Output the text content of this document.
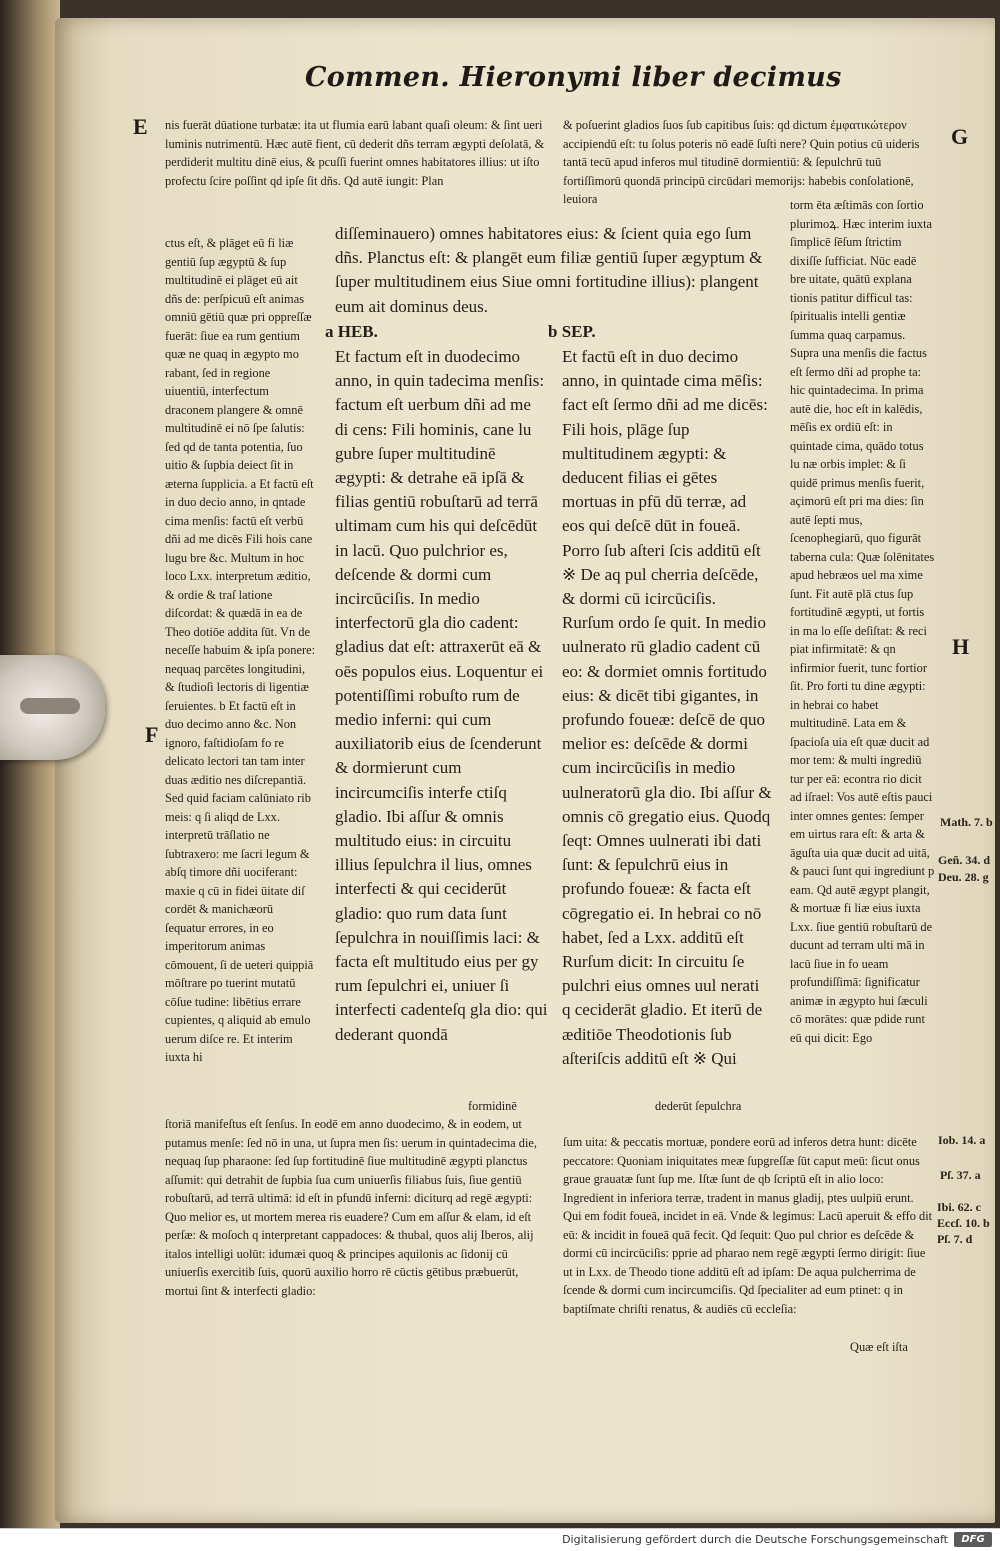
Commen. Hieronymi liber decimus
E	G
F
H

nis fuerāt dūatione turbatæ: ita ut flumia earū labant quaſi oleum: & ſint ueri luminis nutrimentū. Hæc autē fient, cū dederit dñs terram ægypti deſolatā, & perdiderit multitu dinē eius, & pcuſſi fuerint omnes habitatores illius: ut iſto profectu ſcire poſſint qd ipſe ſit dñs. Qd autē iungit: Plan

& poſuerint gladios ſuos ſub capitibus ſuis: qd dictum ἐμφατικώτερον accipiendū eſt: tu ſolus poteris nō eadē ſuſti nere? Quin potius cū uideris tantā tecū apud inferos mul titudinē dormientiū: & ſepulchrū tuū fortiſſimorū quondā principū circūdari memorijs: habebis conſolationē, leuiora

ctus eſt, & plāget eū fi liæ gentiū ſup ægyptū & ſup multitudinē ei plāget eū ait dñs de: perſpicuū eſt animas omniū gētiū quæ pri oppreſſæ fuerāt: ſiue ea rum gentium quæ ne quaq in ægypto mo rabant, ſed in regione uiuentiū, interfectum draconem plangere & omnē multitudinē ei nō ſpe ſalutis: ſed qd de tanta potentia, ſuo uitio & ſupbia deiect ſit in æterna ſupplicia. a Et factū eſt in duo decio anno, in qntade cima menſis: factū eſt verbū dñi ad me dicēs Fili hois cane lugu bre &c. Multum in hoc loco Lxx. interpretum æditio, & ordie & traſ latione diſcordat: & quædā in ea de Theo dotiōe addita ſūt. Vn de neceſſe habuim & ipſa ponere: nequaq parcētes longitudini, & ſtudioſi lectoris di ligentiæ ſeruientes. b Et factū eſt in duo decimo anno &c. Non ignoro, faſtidioſam fo re delicato lectori tan tam inter duas æditio nes diſcrepantiā. Sed quid faciam calūniato rib meis: q ſi aliqd de Lxx. interpretū trāſlatio ne ſubtraxero: me ſacri legum & abſq timore dñi uociferant: maxie q cū in fidei ūitate diſ cordēt & manichæorū ſequatur errores, in eo imperitorum animas cōmouent, ſi de ueteri quippiā mōſtrare po tuerint mutatū cōſue tudine: libētius errare cupientes, q aliquid ab emulo uerum diſce re. Et interim iuxta hi

diſſeminauero) omnes habitatores eius: & ſcient quia ego ſum dñs. Planctus eſt: & plangēt eum filiæ gentiū ſuper ægyptum & ſuper multitudinem eius Siue omni fortitudine illius): plangent eum ait dominus deus.

a HEB.	b SEP.

Et factum eſt in duodecimo anno, in quin tadecima menſis: factum eſt uerbum dñi ad me di cens: Fili hominis, cane lu gubre ſuper multitudinē ægypti: & detrahe eā ipſā & filias gentiū robuſtarū ad terrā ultimam cum his qui deſcēdūt in lacū. Quo pulchrior es, deſcende & dormi cum incircūciſis. In medio interfectorū gla dio cadent: gladius dat eſt: attraxerūt eā & oēs populos eius. Loquentur ei potentiſſimi robuſto rum de medio inferni: qui cum auxiliatorib eius de ſcenderunt & dormierunt cum incircumciſis interfe ctiſq gladio. Ibi aſſur & omnis multitudo eius: in circuitu illius ſepulchra il lius, omnes interfecti & qui ceciderūt gladio: quo rum data ſunt ſepulchra in nouiſſimis laci: & facta eſt multitudo eius per gy rum ſepulchri ei, uniuer ſi interfecti cadenteſq gla dio: qui dederant quondā

formidinē

Et factū eſt in duo decimo anno, in quintade cima mēſis: fact eſt ſermo dñi ad me dicēs: Fili hois, plāge ſup multitudinem ægypti: & deducent filias ei gētes mortuas in pfū dū terræ, ad eos qui deſcē dūt in foueā. Porro ſub aſteri ſcis additū eſt ※ De aq pul cherria deſcēde, & dormi cū icircūciſis. Rurſum ordo ſe quit. In medio uulnerato rū gladio cadent cū eo: & dormiet omnis fortitudo eius: & dicēt tibi gigantes, in profundo foueæ: deſcē de quo melior es: deſcēde & dormi cum incircūciſis in medio uulneratorū gla dio. Ibi aſſur & omnis cō gregatio eius. Quodq ſeqt: Omnes uulnerati ibi dati ſunt: & ſepulchrū eius in profundo foueæ: & facta eſt cōgregatio ei. In hebrai co nō habet, ſed a Lxx. additū eſt Rurſum dicit: In circuitu ſe pulchri eius omnes uul nerati q ceciderāt gladio. Et iterū de æditiōe Theodotionis ſub aſteriſcis additū eſt ※ Qui

dederūt ſepulchra

torm ēta æſtimās con ſortio plurimoꝝ. Hæc interim iuxta ſimplicē ſēſum ſtrictim dixiſſe ſufficiat. Nūc eadē bre uitate, quātū explana tionis patitur difficul tas: ſpiritualis intelli gentiæ ſumma quaq carpamus. Supra una menſis die factus eſt ſermo dñi ad prophe ta: hic quintadecima. In prima autē die, hoc eſt in kalēdis, mēſis ex ordiū eſt: in quintade cima, quādo totus lu næ orbis implet: & ſi quidē primus menſis fuerit, açimorū eſt pri ma dies: ſin autē ſepti mus, ſcenophegiarū, quo figurāt taberna cula: Quæ ſolēnitates apud hebræos uel ma xime ſunt. Fit autē plā ctus ſup fortitudinē ægypti, ut fortis in ma lo eſſe deſiſtat: & reci piat infirmitatē: & qn infirmior fuerit, tunc fortior ſit. Pro forti tu dine ægypti: in hebrai co habet multitudinē. Lata em & ſpacioſa uia eſt quæ ducit ad mor tem: & multi ingrediū tur per eā: econtra rio dicit ad iſrael: Vos autē eſtis pauci inter omnes gentes: ſemper em uirtus rara eſt: & arta & āguſta uia quæ ducit ad uitā, & pauci ſunt qui ingrediunt p eam. Qd autē ægypt plangit, & mortuæ fi liæ eius iuxta Lxx. ſiue gentiū robuſtarū de ducunt ad terram ulti mā in lacū ſiue in fo ueam profundiſſimā: ſignificatur animæ in ægypto hui ſæculi cō morātes: quæ pdide runt eū qui dicit: Ego

ſtoriā manifeſtus eſt ſenſus. In eodē em anno duodecimo, & in eodem, ut putamus menſe: ſed nō in una, ut ſupra men ſis: uerum in quintadecima die, nequaq ſup pharaone: ſed ſup fortitudinē ſiue multitudinē ægypti planctus aſſumit: qui detrahit de ſupbia ſua cum uniuerſis filiabus ſuis, ſiue gentiū robuſtarū, ad terrā ultimā: id eſt in pfundū inferni: diciturq ad regē ægypti: Quo melior es, ut mortem merea ris euadere? Cum em aſſur & elam, id eſt perſæ: & moſoch q interpretant cappadoces: & thubal, quos alij Iberos, alij italos intelligi uolūt: idumæi quoq & principes aquilonis ac ſidonij cū uniuerſis exercitib ſuis, quorū auxilio horro rē cūctis gētibus præbuerūt, mortui ſint & interfecti gladio:

ſum uita: & peccatis mortuæ, pondere eorū ad inferos detra hunt: dicēte peccatore: Quoniam iniquitates meæ ſupgreſſæ ſūt caput meū: ſicut onus graue grauatæ ſunt ſup me. Iſtæ ſunt de qb ſcriptū eſt in alio loco: Ingredient in inferiora terræ, tradent in manus gladij, ptes uulpiū erunt. Qui em fodit foueā, incidet in eā. Vnde & legimus: Lacū aperuit & effo dit eū: & incidit in foueā quā fecit. Qd ſequit: Quo pul chrior es deſcēde & dormi cū incircūciſis: pprie ad pharao nem regē ægypti ſermo dirigit: ſiue ut in Lxx. de Theodo tione additū eſt ad ipſam: De aqua pulcherrima de ſcende & dormi cum incircumciſis. Qd ſpecialiter ad eum ptinet: q in baptiſmate chriſti renatus, & audiēs cū eccleſia:

Quæ eſt iſta
Math. 7. b
Geñ. 34. d
Deu. 28. g
Iob. 14. a
Pſ. 37. a
Ibi. 62. c
Eccſ. 10. b
Pſ. 7. d
Digitalisierung gefördert durch die Deutsche Forschungsgemeinschaft	DFG
